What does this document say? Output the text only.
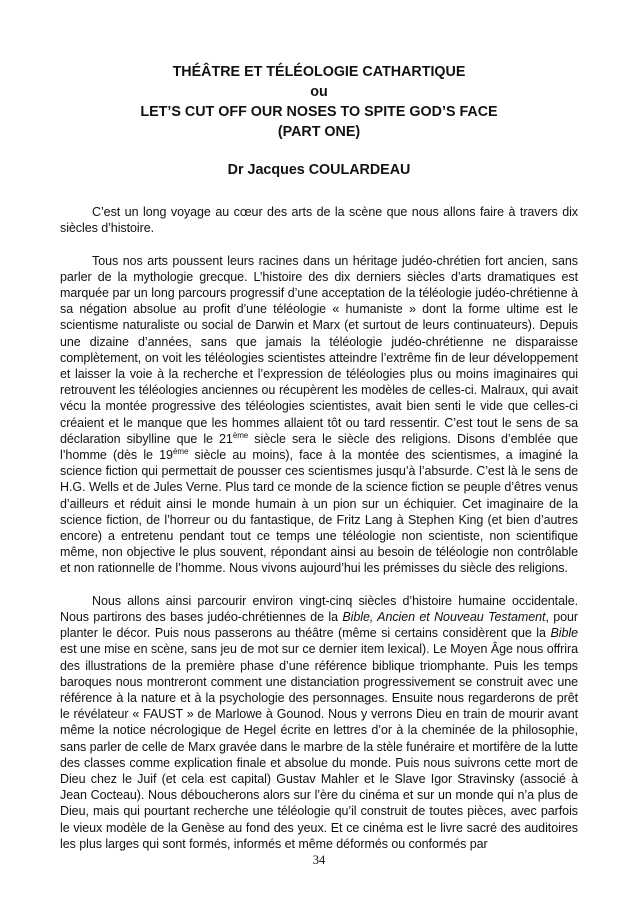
THÉÂTRE ET TÉLÉOLOGIE CATHARTIQUE
ou
LET’S CUT OFF OUR NOSES TO SPITE GOD’S FACE
(PART ONE)
Dr Jacques COULARDEAU

C’est un long voyage au cœur des arts de la scène que nous allons faire à travers dix siècles d’histoire.

Tous nos arts poussent leurs racines dans un héritage judéo-chrétien fort ancien, sans parler de la mythologie grecque. L’histoire des dix derniers siècles d’arts dramatiques est marquée par un long parcours progressif d’une acceptation de la téléologie judéo-chrétienne à sa négation absolue au profit d’une téléologie « humaniste » dont la forme ultime est le scientisme naturaliste ou social de Darwin et Marx (et surtout de leurs continuateurs). Depuis une dizaine d’années, sans que jamais la téléologie judéo-chrétienne ne disparaisse complètement, on voit les téléologies scientistes atteindre l’extrême fin de leur développement et laisser la voie à la recherche et l’expression de téléologies plus ou moins imaginaires qui retrouvent les téléologies anciennes ou récupèrent les modèles de celles-ci. Malraux, qui avait vécu la montée progressive des téléologies scientistes, avait bien senti le vide que celles-ci créaient et le manque que les hommes allaient tôt ou tard ressentir. C’est tout le sens de sa déclaration sibylline que le 21ème siècle sera le siècle des religions. Disons d’emblée que l’homme (dès le 19ème siècle au moins), face à la montée des scientismes, a imaginé la science fiction qui permettait de pousser ces scientismes jusqu’à l’absurde. C’est là le sens de H.G. Wells et de Jules Verne. Plus tard ce monde de la science fiction se peuple d’êtres venus d’ailleurs et réduit ainsi le monde humain à un pion sur un échiquier. Cet imaginaire de la science fiction, de l’horreur ou du fantastique, de Fritz Lang à Stephen King (et bien d’autres encore) a entretenu pendant tout ce temps une téléologie non scientiste, non scientifique même, non objective le plus souvent, répondant ainsi au besoin de téléologie non contrôlable et non rationnelle de l’homme. Nous vivons aujourd’hui les prémisses du siècle des religions.

Nous allons ainsi parcourir environ vingt-cinq siècles d’histoire humaine occidentale. Nous partirons des bases judéo-chrétiennes de la Bible, Ancien et Nouveau Testament, pour planter le décor. Puis nous passerons au théâtre (même si certains considèrent que la Bible est une mise en scène, sans jeu de mot sur ce dernier item lexical). Le Moyen Âge nous offrira des illustrations de la première phase d’une référence biblique triomphante. Puis les temps baroques nous montreront comment une distanciation progressivement se construit avec une référence à la nature et à la psychologie des personnages. Ensuite nous regarderons de prêt le révélateur « FAUST » de Marlowe à Gounod. Nous y verrons Dieu en train de mourir avant même la notice nécrologique de Hegel écrite en lettres d’or à la cheminée de la philosophie, sans parler de celle de Marx gravée dans le marbre de la stèle funéraire et mortifère de la lutte des classes comme explication finale et absolue du monde. Puis nous suivrons cette mort de Dieu chez le Juif (et cela est capital) Gustav Mahler et le Slave Igor Stravinsky (associé à Jean Cocteau). Nous déboucherons alors sur l’ère du cinéma et sur un monde qui n’a plus de Dieu, mais qui pourtant recherche une téléologie qu’il construit de toutes pièces, avec parfois le vieux modèle de la Genèse au fond des yeux. Et ce cinéma est le livre sacré des auditoires les plus larges qui sont formés, informés et même déformés ou conformés par

34
